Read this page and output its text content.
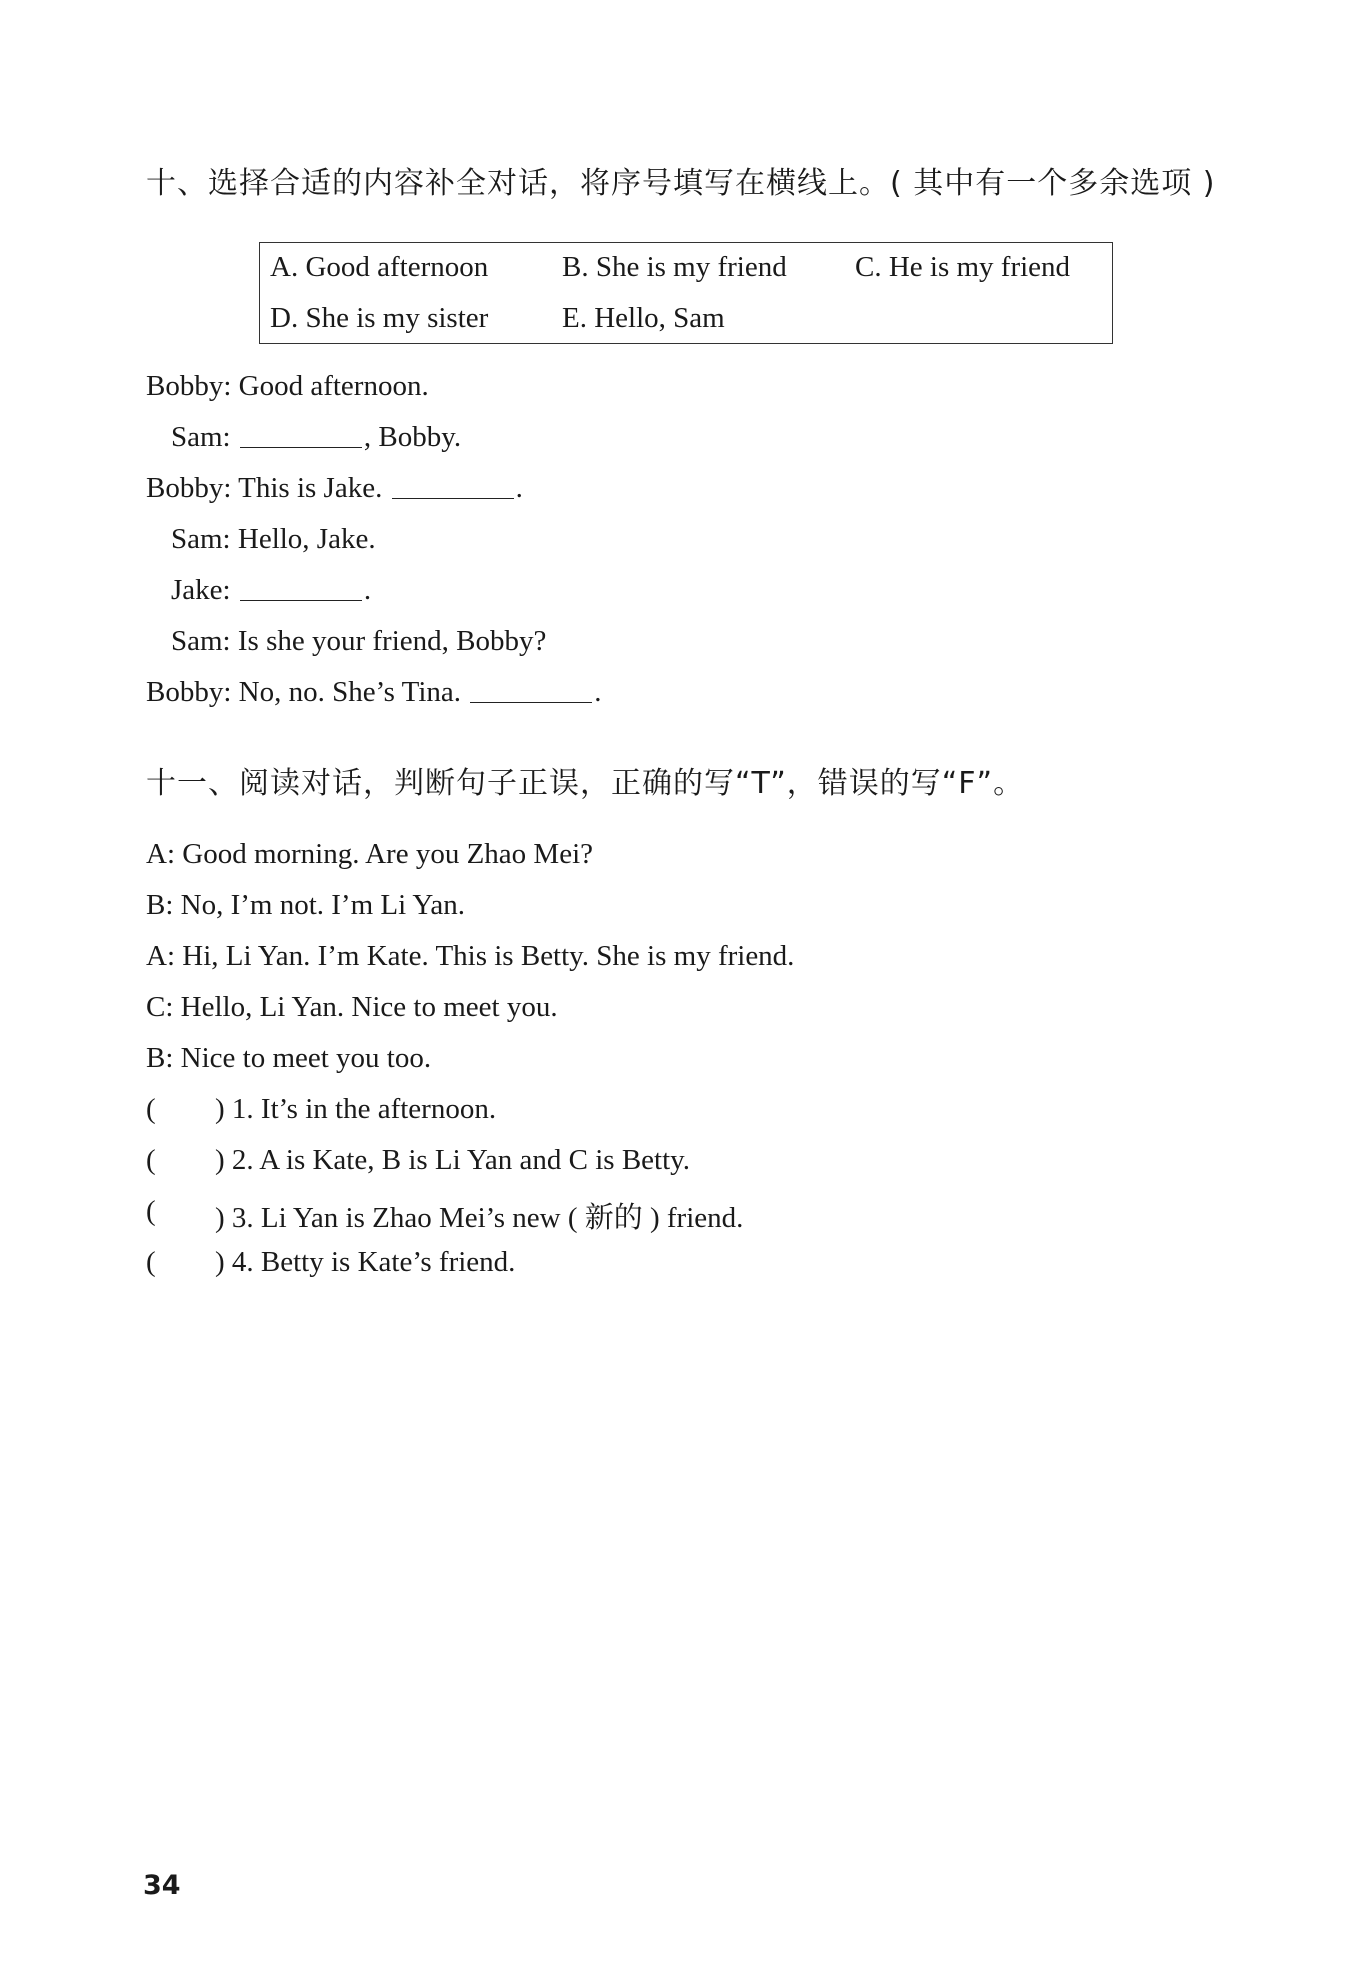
十、选择合适的内容补全对话，将序号填写在横线上。( 其中有一个多余选项 )
A. Good afternoon	B. She is my friend C. He is my friend
D. She is my sister	E. Hello, Sam
Bobby: Good afternoon.
Sam:	, Bobby.
Bobby: This is Jake.	.
Sam: Hello, Jake.
Jake:	.
Sam: Is she your friend, Bobby?
Bobby: No, no. She’s Tina.	.
十一、阅读对话，判断句子正误，正确的写“T”，错误的写“F”。
A: Good morning. Are you Zhao Mei?
B: No, I’m not. I’m Li Yan.
A: Hi, Li Yan. I’m Kate. This is Betty. She is my friend.
C: Hello, Li Yan. Nice to meet you.
B: Nice to meet you too.
( ) 1. It’s in the afternoon.
( ) 2. A is Kate, B is Li Yan and C is Betty.
( ) 3. Li Yan is Zhao Mei’s new ( 新的 ) friend.
( ) 4. Betty is Kate’s friend.
34
